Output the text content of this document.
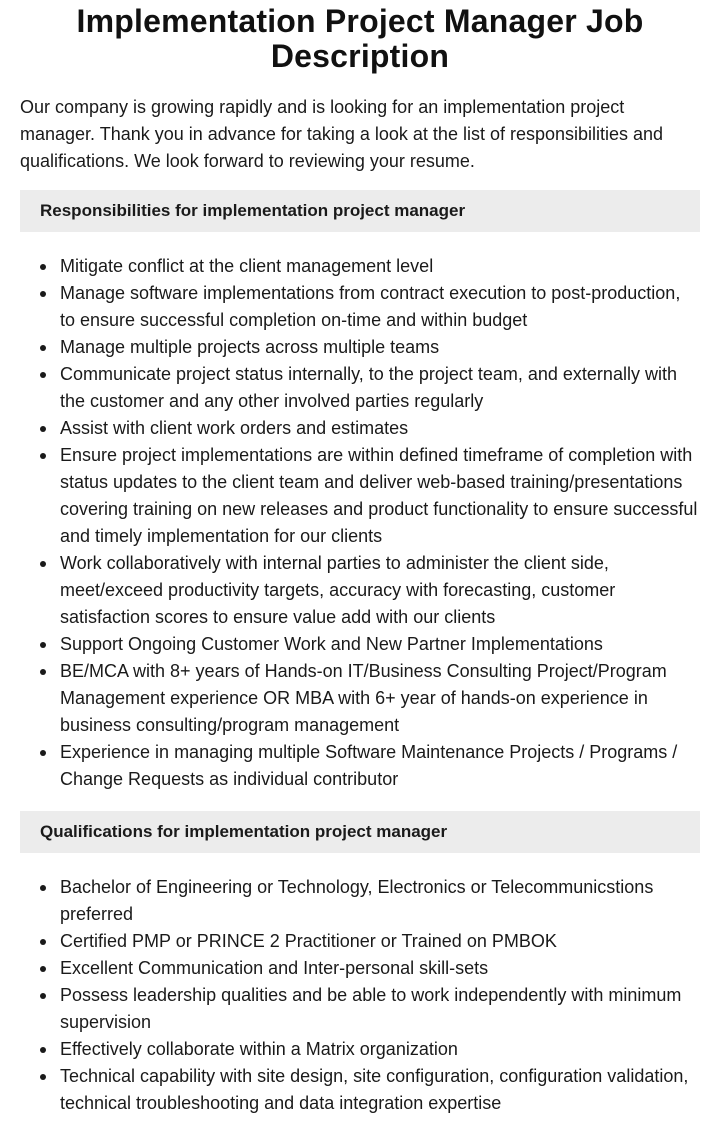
Implementation Project Manager Job Description

Our company is growing rapidly and is looking for an implementation project manager. Thank you in advance for taking a look at the list of responsibilities and qualifications. We look forward to reviewing your resume.

Responsibilities for implementation project manager
Mitigate conflict at the client management level
Manage software implementations from contract execution to post-production, to ensure successful completion on-time and within budget
Manage multiple projects across multiple teams
Communicate project status internally, to the project team, and externally with the customer and any other involved parties regularly
Assist with client work orders and estimates
Ensure project implementations are within defined timeframe of completion with status updates to the client team and deliver web-based training/presentations covering training on new releases and product functionality to ensure successful and timely implementation for our clients
Work collaboratively with internal parties to administer the client side, meet/exceed productivity targets, accuracy with forecasting, customer satisfaction scores to ensure value add with our clients
Support Ongoing Customer Work and New Partner Implementations
BE/MCA with 8+ years of Hands-on IT/Business Consulting Project/Program Management experience OR MBA with 6+ year of hands-on experience in business consulting/program management
Experience in managing multiple Software Maintenance Projects / Programs / Change Requests as individual contributor
Qualifications for implementation project manager
Bachelor of Engineering or Technology, Electronics or Telecommunicstions preferred
Certified PMP or PRINCE 2 Practitioner or Trained on PMBOK
Excellent Communication and Inter-personal skill-sets
Possess leadership qualities and be able to work independently with minimum supervision
Effectively collaborate within a Matrix organization
Technical capability with site design, site configuration, configuration validation, technical troubleshooting and data integration expertise
